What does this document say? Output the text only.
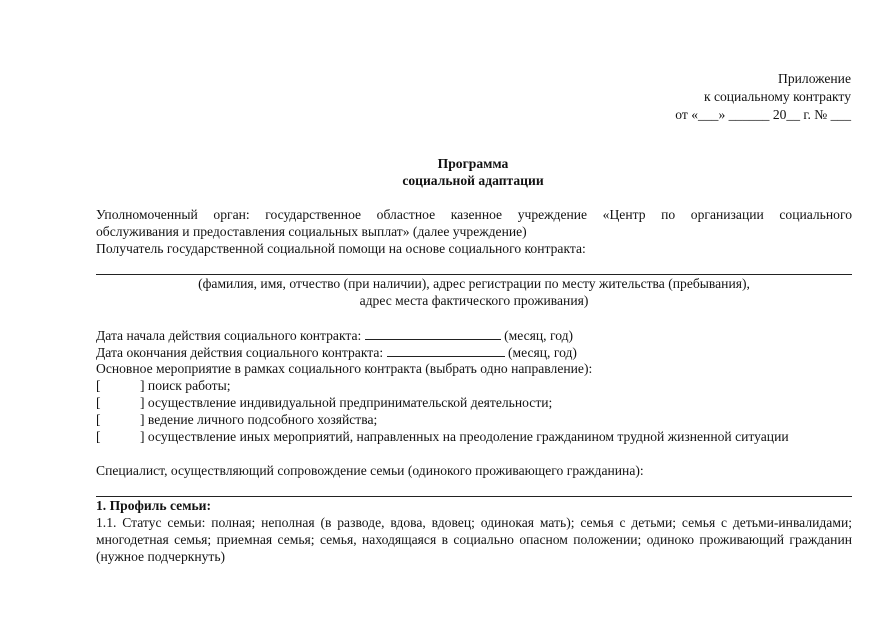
Приложение
к социальному контракту
от «___» ______ 20__ г. № ___
Программа
социальной адаптации
Уполномоченный орган: государственное областное казенное учреждение «Центр по организации социального
обслуживания и предоставления социальных выплат» (далее учреждение)
Получатель государственной социальной помощи на основе социального контракта:
(фамилия, имя, отчество (при наличии), адрес регистрации по месту жительства (пребывания),
адрес места фактического проживания)
Дата начала действия социального контракта:	(месяц, год)
Дата окончания действия социального контракта:	(месяц, год)
Основное мероприятие в рамках социального контракта (выбрать одно направление):
[	] поиск работы;
[	] осуществление индивидуальной предпринимательской деятельности;
[	] ведение личного подсобного хозяйства;
[	] осуществление иных мероприятий, направленных на преодоление гражданином трудной жизненной ситуации
Специалист, осуществляющий сопровождение семьи (одинокого проживающего гражданина):
1. Профиль семьи:
1.1. Статус семьи: полная; неполная (в разводе, вдова, вдовец; одинокая мать); семья с детьми; семья с детьми-инвалидами; многодетная семья; приемная семья; семья, находящаяся в социально опасном положении; одиноко проживающий гражданин (нужное подчеркнуть)
